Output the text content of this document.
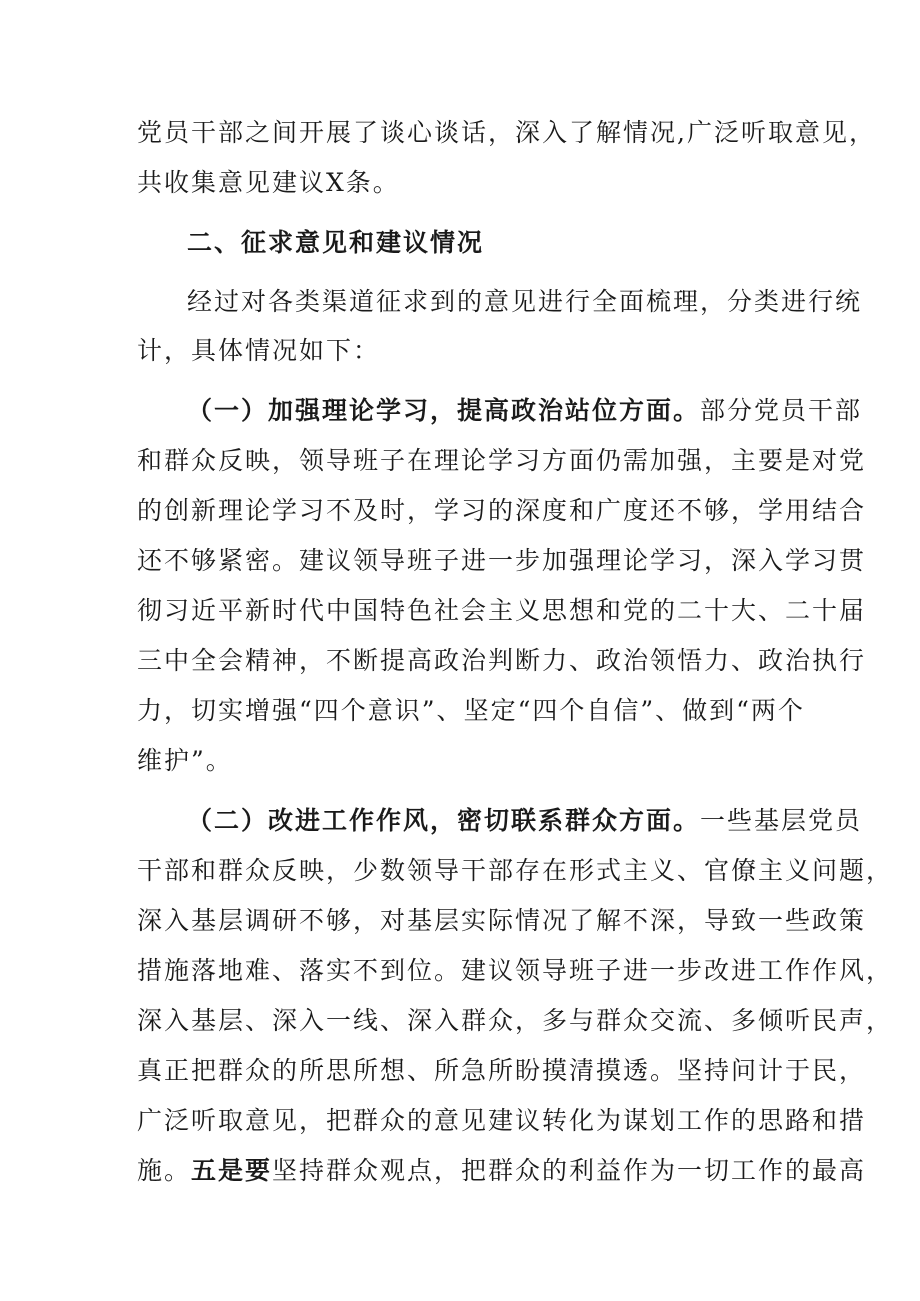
党员干部之间开展了谈心谈话，深入了解情况,广泛听取意见，
共收集意见建议X条。
二、征求意见和建议情况
经过对各类渠道征求到的意见进行全面梳理，分类进行统
计，具体情况如下：
（一）加强理论学习，提高政治站位方面。部分党员干部
和群众反映，领导班子在理论学习方面仍需加强，主要是对党
的创新理论学习不及时，学习的深度和广度还不够，学用结合
还不够紧密。建议领导班子进一步加强理论学习，深入学习贯
彻习近平新时代中国特色社会主义思想和党的二十大、二十届
三中全会精神，不断提高政治判断力、政治领悟力、政治执行
力，切实增强“四个意识”、坚定“四个自信”、做到“两个
维护”。
（二）改进工作作风，密切联系群众方面。一些基层党员
干部和群众反映，少数领导干部存在形式主义、官僚主义问题，
深入基层调研不够，对基层实际情况了解不深，导致一些政策
措施落地难、落实不到位。建议领导班子进一步改进工作作风，
深入基层、深入一线、深入群众，多与群众交流、多倾听民声，
真正把群众的所思所想、所急所盼摸清摸透。坚持问计于民，
广泛听取意见，把群众的意见建议转化为谋划工作的思路和措
施。五是要坚持群众观点，把群众的利益作为一切工作的最高
